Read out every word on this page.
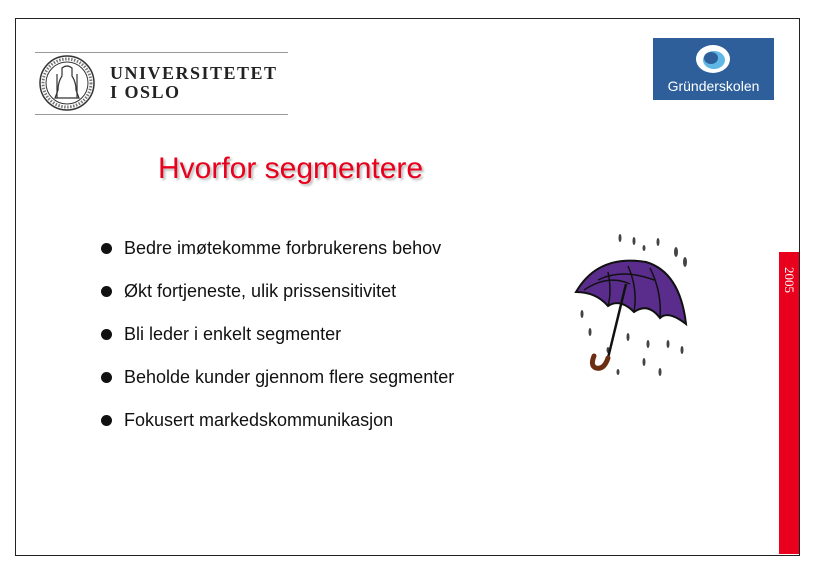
UNIVERSITETET
I OSLO	Gründerskolen
Hvorfor segmentere
Bedre imøtekomme forbrukerens behov
Økt fortjeneste, ulik prissensitivitet
Bli leder i enkelt segmenter
Beholde kunder gjennom flere segmenter
Fokusert markedskommunikasjon
2005
